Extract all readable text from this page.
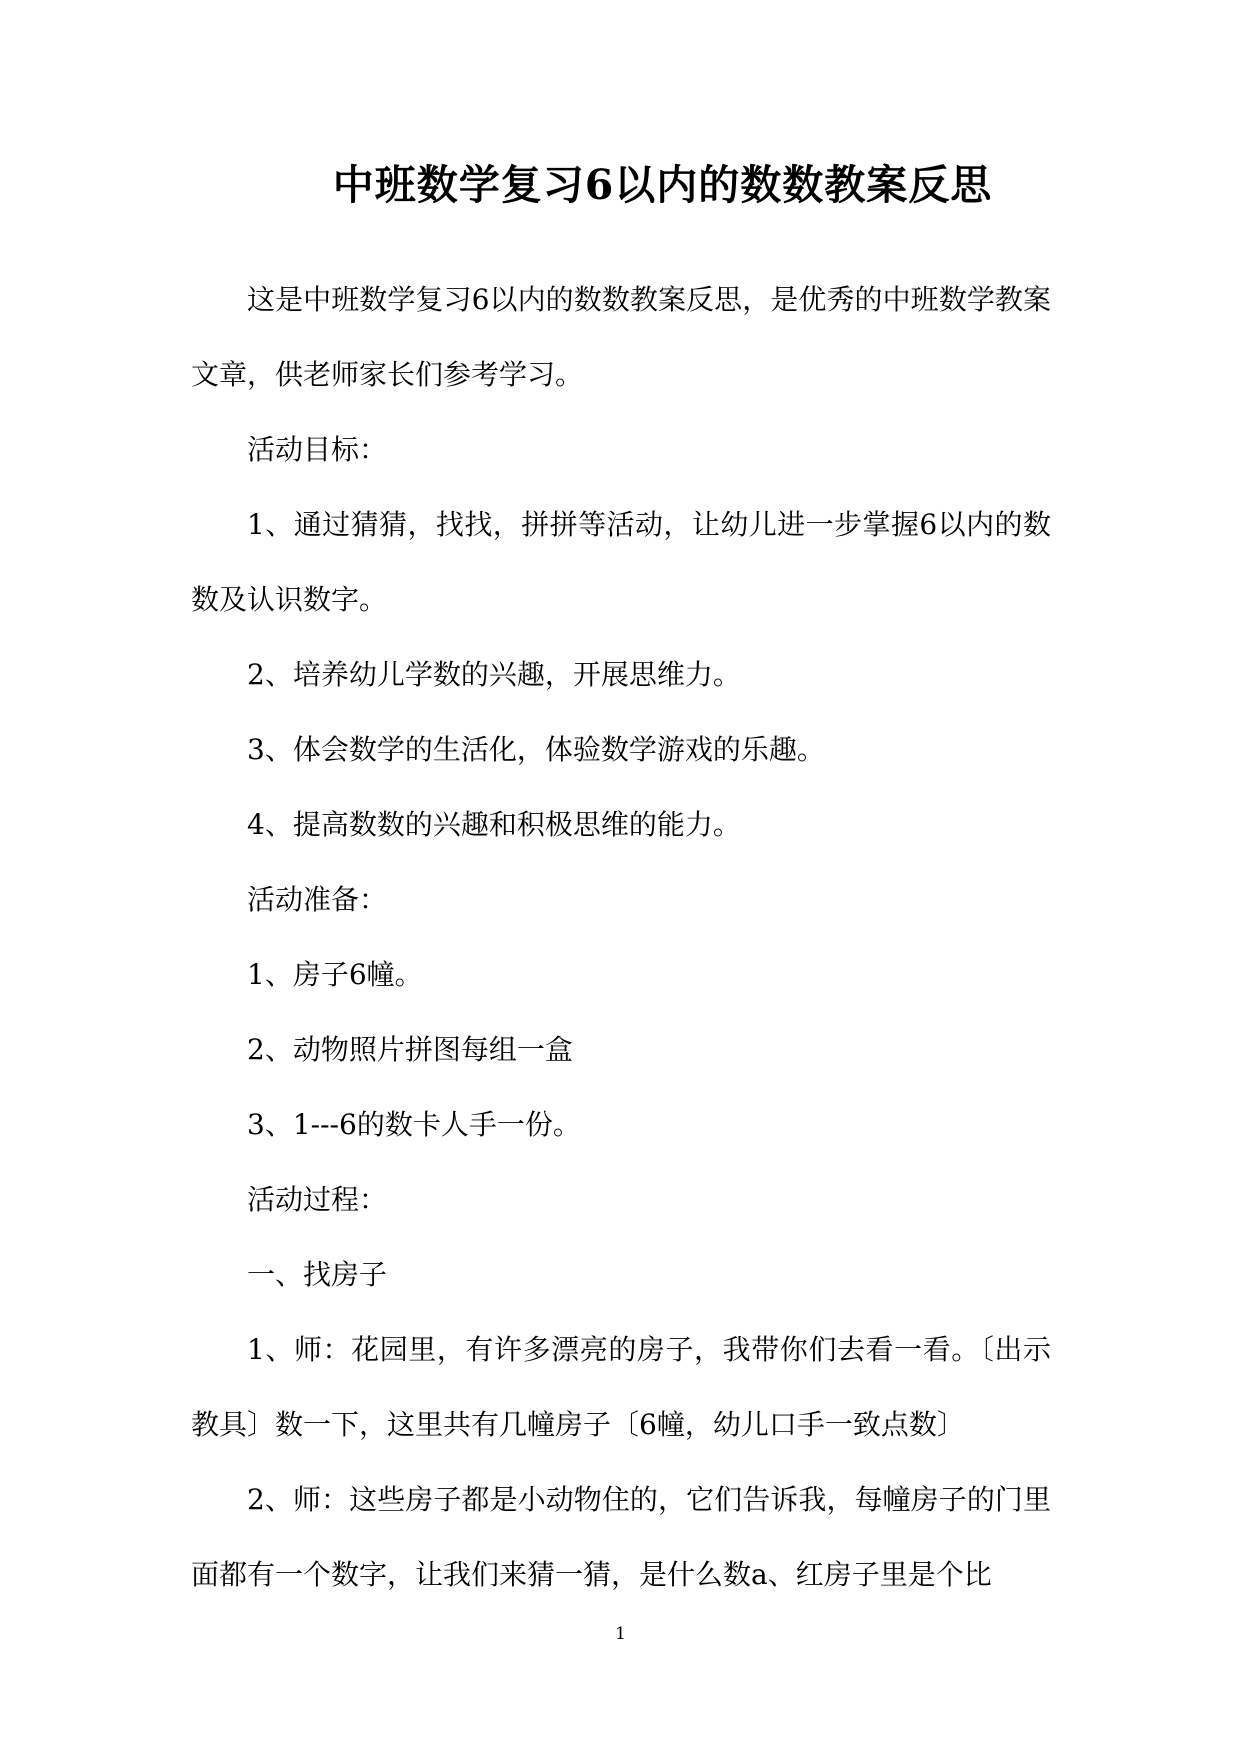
中班数学复习6以内的数数教案反思

这是中班数学复习6以内的数数教案反思，是优秀的中班数学教案文章，供老师家长们参考学习。

活动目标：

1、通过猜猜，找找，拼拼等活动，让幼儿进一步掌握6以内的数数及认识数字。

2、培养幼儿学数的兴趣，开展思维力。

3、体会数学的生活化，体验数学游戏的乐趣。

4、提高数数的兴趣和积极思维的能力。

活动准备：

1、房子6幢。

2、动物照片拼图每组一盒

3、1---6的数卡人手一份。

活动过程：

一、找房子

1、师：花园里，有许多漂亮的房子，我带你们去看一看。〔出示教具〕数一下，这里共有几幢房子〔6幢，幼儿口手一致点数〕

2、师：这些房子都是小动物住的，它们告诉我，每幢房子的门里面都有一个数字，让我们来猜一猜，是什么数a、红房子里是个比

1
